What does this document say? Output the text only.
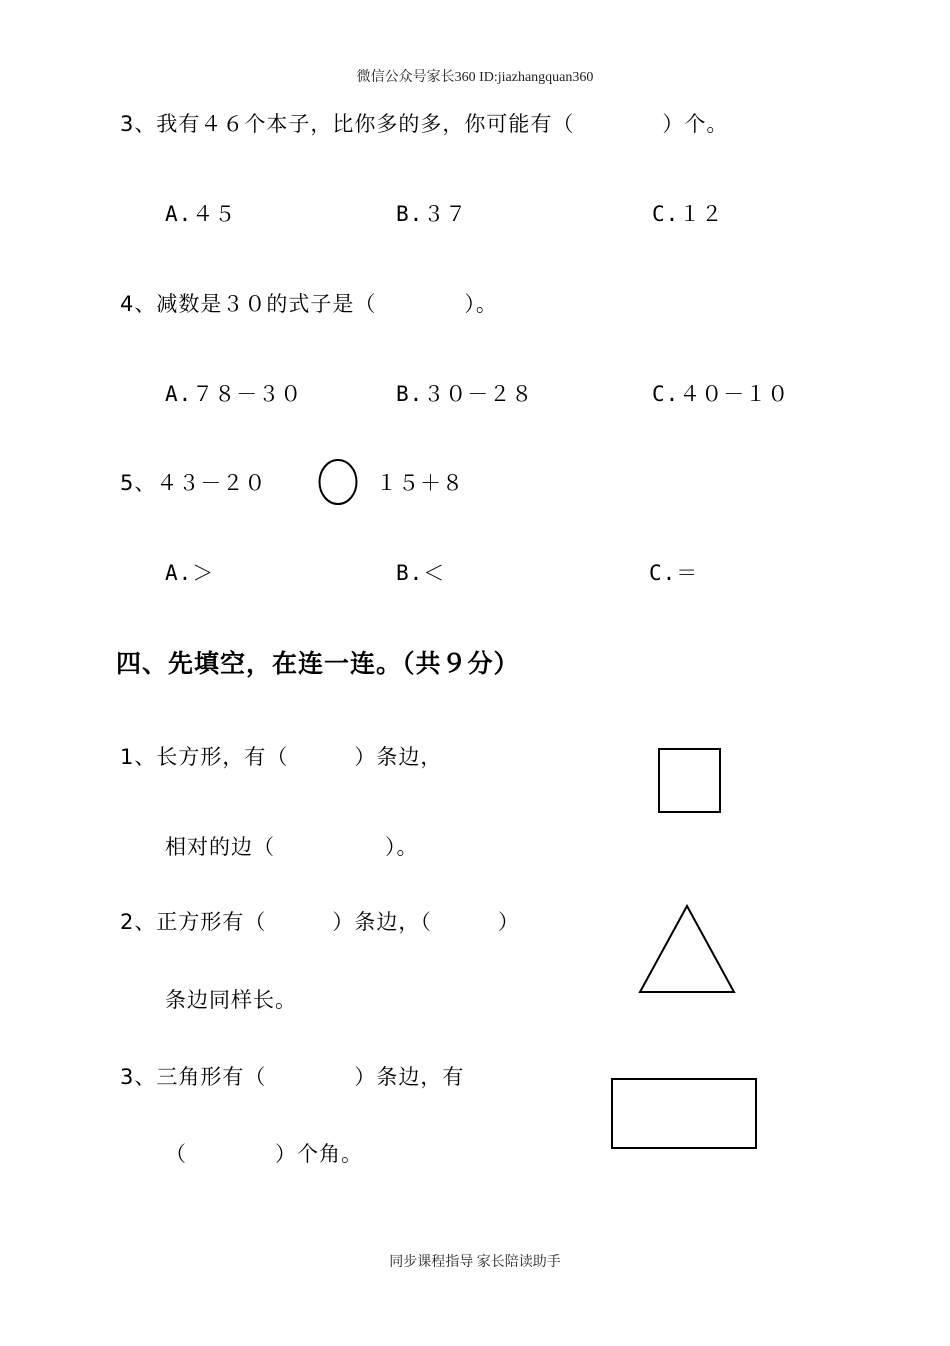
微信公众号家长360 ID:jiazhangquan360
3、我有４６个本子，比你多的多，你可能有（　　　　）个。
A.４５	B.３７	C.１２
4、减数是３０的式子是（　　　　）。
A.７８－３０	B.３０－２８	C.４０－１０
5、４３－２０	１５＋８
A.＞	B.＜	C.＝
四、先填空，在连一连。（共９分）
1、长方形，有（　　　）条边，
相对的边（　　　　　）。
2、正方形有（　　　）条边，（　　　）
条边同样长。
3、三角形有（　　　　）条边，有
（　　　　）个角。
同步课程指导 家长陪读助手
